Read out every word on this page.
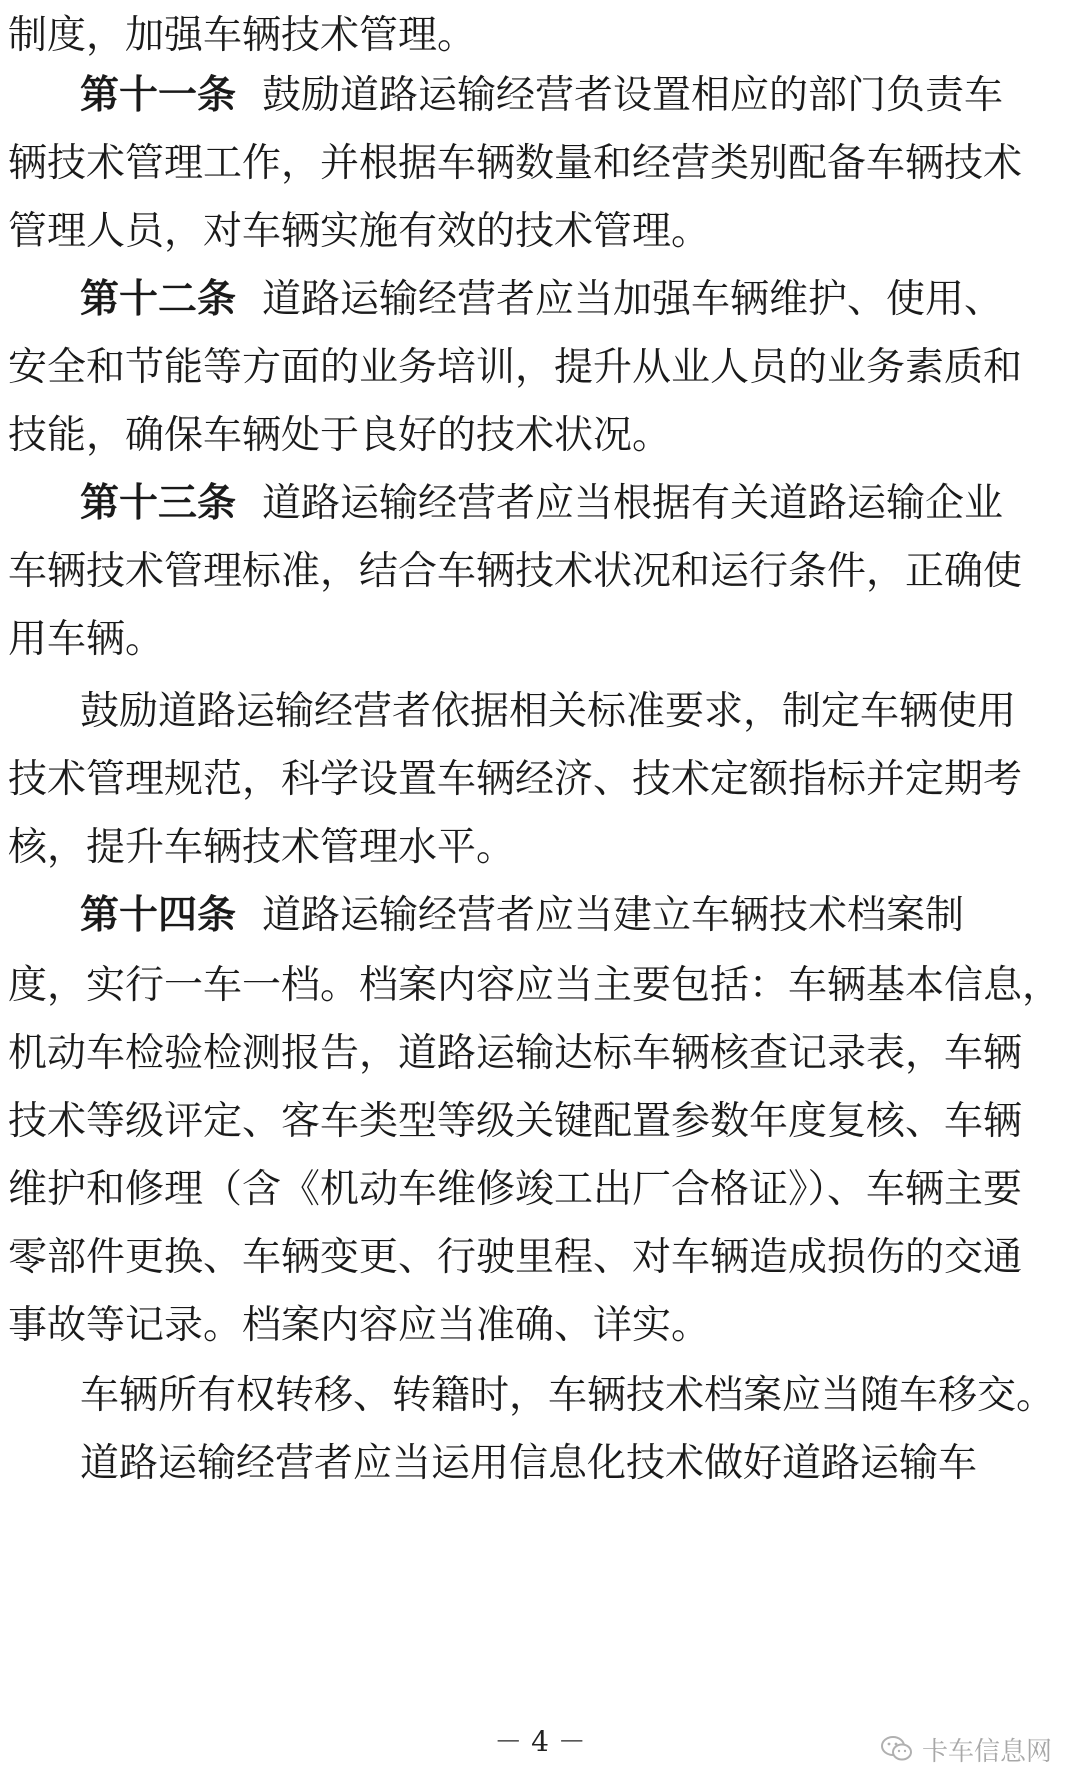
制度，加强车辆技术管理。
第十一条 鼓励道路运输经营者设置相应的部门负责车
辆技术管理工作，并根据车辆数量和经营类别配备车辆技术
管理人员，对车辆实施有效的技术管理。
第十二条 道路运输经营者应当加强车辆维护、使用、
安全和节能等方面的业务培训，提升从业人员的业务素质和
技能，确保车辆处于良好的技术状况。
第十三条 道路运输经营者应当根据有关道路运输企业
车辆技术管理标准，结合车辆技术状况和运行条件，正确使
用车辆。
鼓励道路运输经营者依据相关标准要求，制定车辆使用
技术管理规范，科学设置车辆经济、技术定额指标并定期考
核，提升车辆技术管理水平。
第十四条 道路运输经营者应当建立车辆技术档案制
度，实行一车一档。档案内容应当主要包括：车辆基本信息，
机动车检验检测报告，道路运输达标车辆核查记录表，车辆
技术等级评定、客车类型等级关键配置参数年度复核、车辆
维护和修理（含《机动车维修竣工出厂合格证》）、车辆主要
零部件更换、车辆变更、行驶里程、对车辆造成损伤的交通
事故等记录。档案内容应当准确、详实。
车辆所有权转移、转籍时，车辆技术档案应当随车移交。
道路运输经营者应当运用信息化技术做好道路运输车
卡车信息网
－ 4 －
